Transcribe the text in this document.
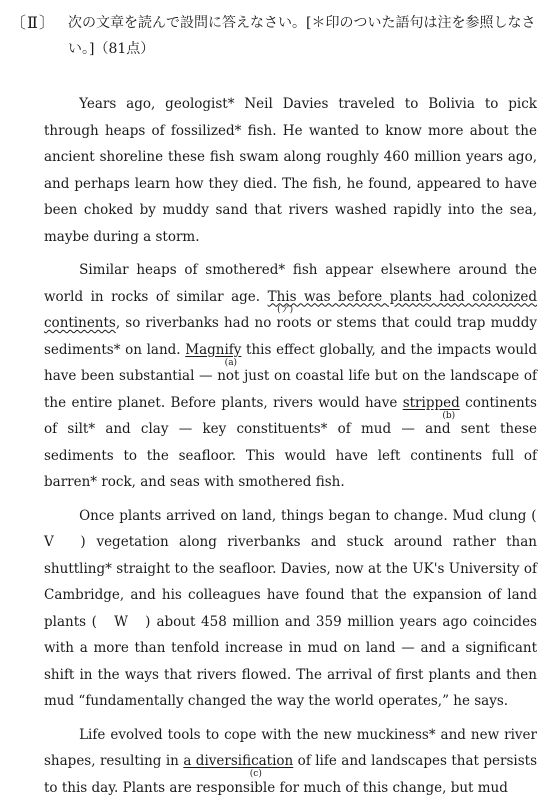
〔Ⅱ〕 次の文章を読んで設問に答えなさい。[＊印のついた語句は注を参照しなさい。]（81点）

Years ago, geologist* Neil Davies traveled to Bolivia to pick through heaps of fossilized* fish. He wanted to know more about the ancient shoreline these fish swam along roughly 460 million years ago, and perhaps learn how they died. The fish, he found, appeared to have been choked by muddy sand that rivers washed rapidly into the sea, maybe during a storm.

Similar heaps of smothered* fish appear elsewhere around the world in rocks of similar age. This was before plants had colonized continents
(ア)
, so riverbanks had no roots or stems that could trap muddy sediments* on land. Magnify
(a)
this effect globally, and the impacts would have been substantial — not just on coastal life but on the landscape of the entire planet. Before plants, rivers would have stripped
(b)
continents of silt* and clay — key constituents* of mud — and sent these sediments to the seafloor. This would have left continents full of barren* rock, and seas with smothered fish.

Once plants arrived on land, things began to change. Mud clung (　V　) vegetation along riverbanks and stuck around rather than shuttling* straight to the seafloor. Davies, now at the UK's University of Cambridge, and his colleagues have found that the expansion of land plants (　W　) about 458 million and 359 million years ago coincides with a more than tenfold increase in mud on land — and a significant shift in the ways that rivers flowed. The arrival of first plants and then mud “fundamentally changed the way the world operates,” he says.

Life evolved tools to cope with the new muckiness* and new river shapes, resulting in a diversification
(c)
of life and landscapes that persists to this day. Plants are responsible for much of this change, but mud
